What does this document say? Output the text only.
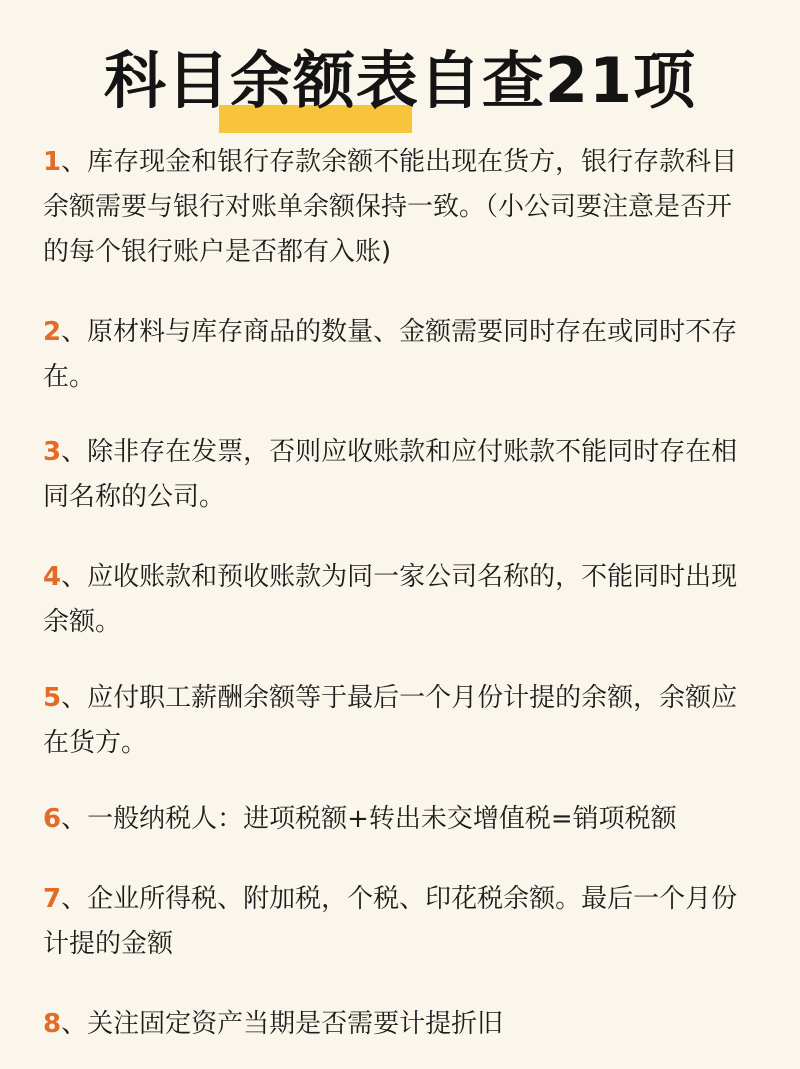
科目余额表自查21项

1、库存现金和银行存款余额不能出现在货方，银行存款科目余额需要与银行对账单余额保持一致。（小公司要注意是否开的每个银行账户是否都有入账)

2、原材料与库存商品的数量、金额需要同时存在或同时不存在。

3、除非存在发票，否则应收账款和应付账款不能同时存在相同名称的公司。

4、应收账款和预收账款为同一家公司名称的，不能同时出现余额。

5、应付职工薪酬余额等于最后一个月份计提的余额，余额应在货方。

6、一般纳税人：进项税额+转出未交增值税=销项税额

7、企业所得税、附加税，个税、印花税余额。最后一个月份计提的金额

8、关注固定资产当期是否需要计提折旧
